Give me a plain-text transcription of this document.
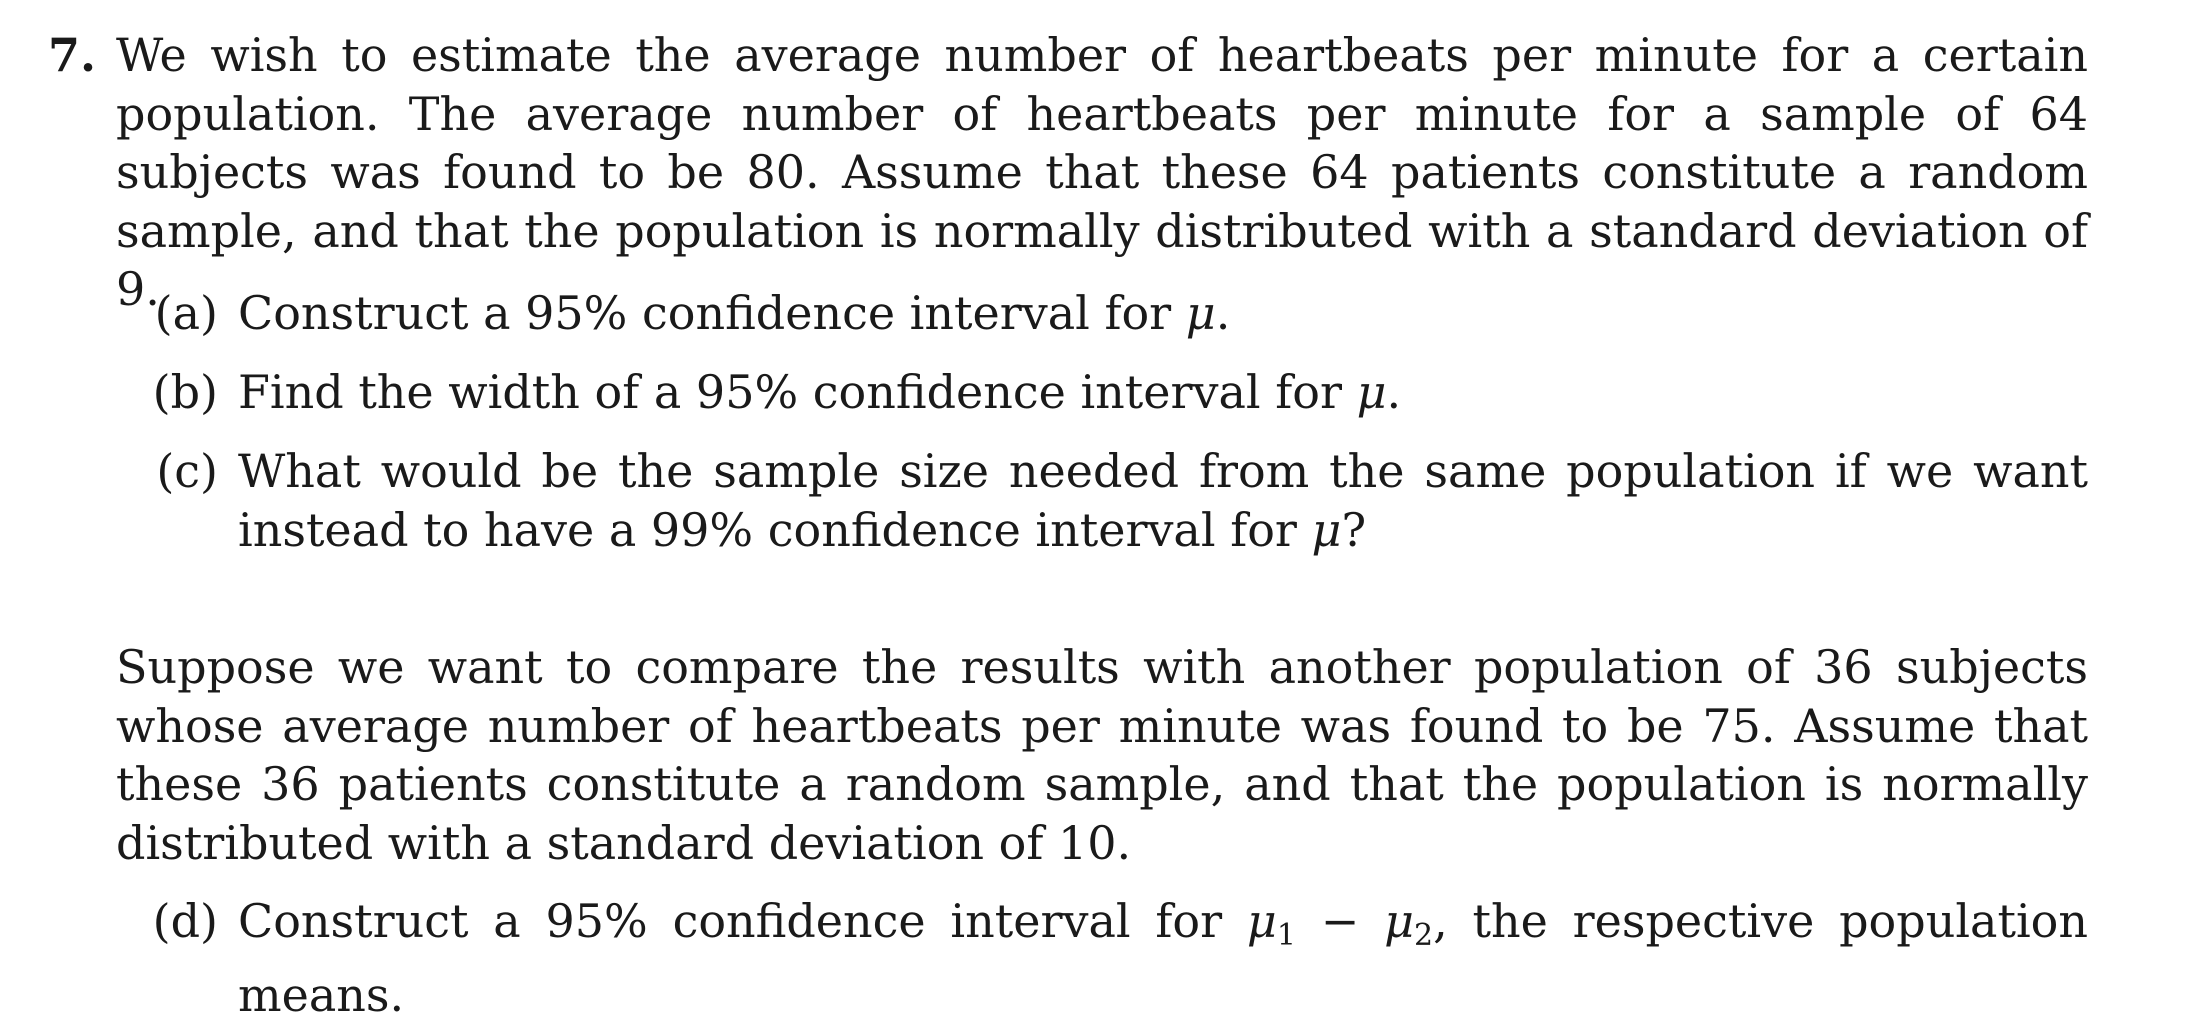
7. We wish to estimate the average number of heartbeats per minute for a certain population. The average number of heartbeats per minute for a sample of 64 subjects was found to be 80. Assume that these 64 patients constitute a random sample, and that the population is normally distributed with a standard deviation of 9.
(a) Construct a 95% confidence interval for μ.
(b) Find the width of a 95% confidence interval for μ.
(c) What would be the sample size needed from the same population if we want instead to have a 99% confidence interval for μ?
Suppose we want to compare the results with another population of 36 subjects whose average number of heartbeats per minute was found to be 75. Assume that these 36 patients constitute a random sample, and that the population is normally distributed with a standard deviation of 10.
(d) Construct a 95% confidence interval for $\mu_1 - \mu_2$, the respective population means.
